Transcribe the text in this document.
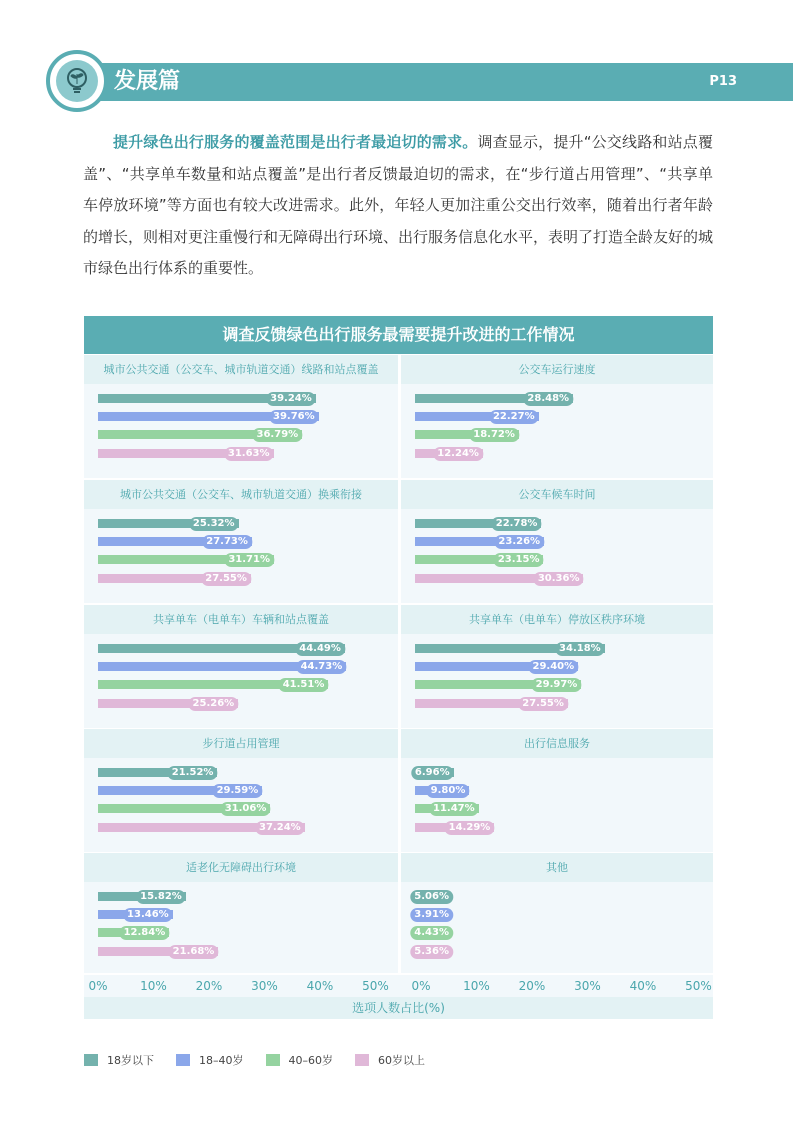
发展篇	P13
提升绿色出行服务的覆盖范围是出行者最迫切的需求。调查显示，提升“公交线路和站点覆盖”、“共享单车数量和站点覆盖”是出行者反馈最迫切的需求，在“步行道占用管理”、“共享单车停放环境”等方面也有较大改进需求。此外，年轻人更加注重公交出行效率，随着出行者年龄的增长，则相对更注重慢行和无障碍出行环境、出行服务信息化水平，表明了打造全龄友好的城市绿色出行体系的重要性。
调查反馈绿色出行服务最需要提升改进的工作情况
城市公共交通（公交车、城市轨道交通）线路和站点覆盖
39.24%
39.76%
36.79%
31.63%
公交车运行速度
28.48%
22.27%
18.72%
12.24%
城市公共交通（公交车、城市轨道交通）换乘衔接
25.32%
27.73%
31.71%
27.55%
公交车候车时间
22.78%
23.26%
23.15%
30.36%
共享单车（电单车）车辆和站点覆盖
44.49%
44.73%
41.51%
25.26%
共享单车（电单车）停放区秩序环境
34.18%
29.40%
29.97%
27.55%
步行道占用管理
21.52%
29.59%
31.06%
37.24%
出行信息服务
6.96%
9.80%
11.47%
14.29%
适老化无障碍出行环境
15.82%
13.46%
12.84%
21.68%
其他
5.06%
3.91%
4.43%
5.36%
0%	10% 20% 30% 40% 50% 0%	10% 20% 30% 40% 50%
选项人数占比(%)
18岁以下	18–40岁	40–60岁	60岁以上
